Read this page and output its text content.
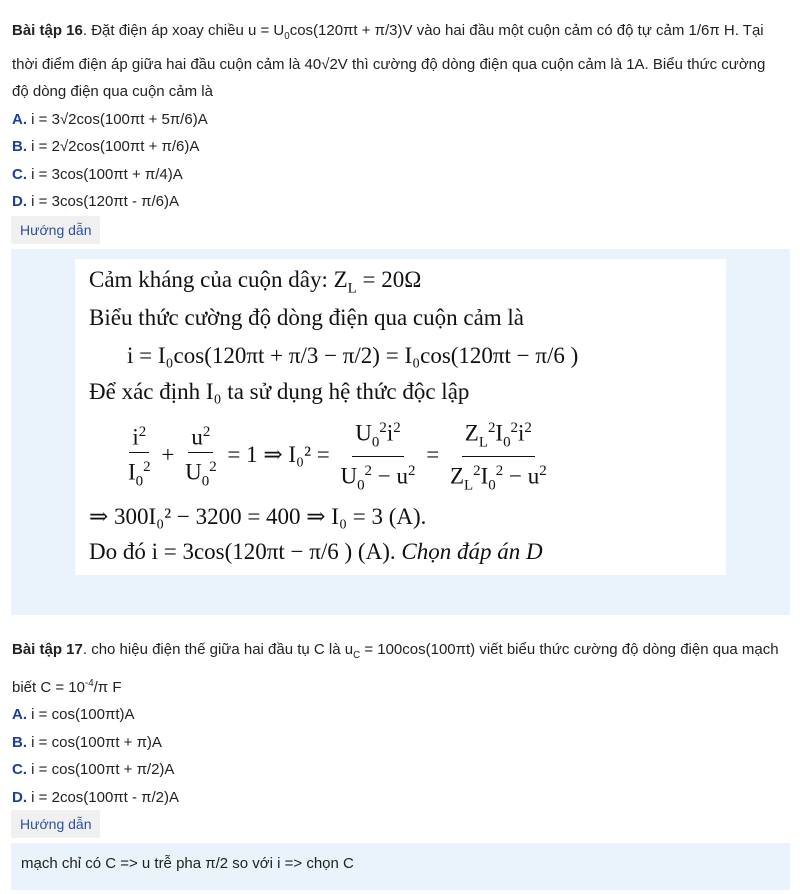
Bài tập 16. Đặt điện áp xoay chiều $u = U_0\cos(120\pi t + \pi/3)V$ vào hai đầu một cuộn cảm có độ tự cảm 1/6π H. Tại

thời điểm điện áp giữa hai đầu cuộn cảm là 40√2V thì cường độ dòng điện qua cuộn cảm là 1A. Biểu thức cường

độ dòng điện qua cuộn cảm là

A. i = 3√2cos(100πt + 5π/6)A
B. i = 2√2cos(100πt + π/6)A
C. i = 3cos(100πt + π/4)A
D. i = 3cos(120πt - π/6)A
Hướng dẫn
Cảm kháng của cuộn dây: $Z_L = 20\Omega$
Biểu thức cường độ dòng điện qua cuộn cảm là
i = I₀cos(120πt + π/3 − π/2) = I₀cos(120πt − π/6 )
Để xác định I₀ ta sử dụng hệ thức độc lập
$\frac{i^2}{I_0^2} + \frac{u^2}{U_0^2} = 1$ ⇒ $I_0^2 = \frac{U_0^2i^2}{U_0^2 - u^2} = \frac{Z_L^2I_0^2i^2}{Z_L^2I_0^2 - u^2}$
⇒ 300I₀² − 3200 = 400 ⇒ I₀ = 3 (A).
Do đó i = 3cos(120πt − π/6 ) (A). Chọn đáp án D

Bài tập 17. cho hiệu điện thế giữa hai đầu tụ C là $u_C = 100\cos(100\pi t)$ viết biểu thức cường độ dòng điện qua mạch

biết $C = 10^{-4}/\pi$ F

A. i = cos(100πt)A
B. i = cos(100πt + π)A
C. i = cos(100πt + π/2)A
D. i = 2cos(100πt - π/2)A
Hướng dẫn
mạch chỉ có C => u trễ pha π/2 so với i => chọn C
